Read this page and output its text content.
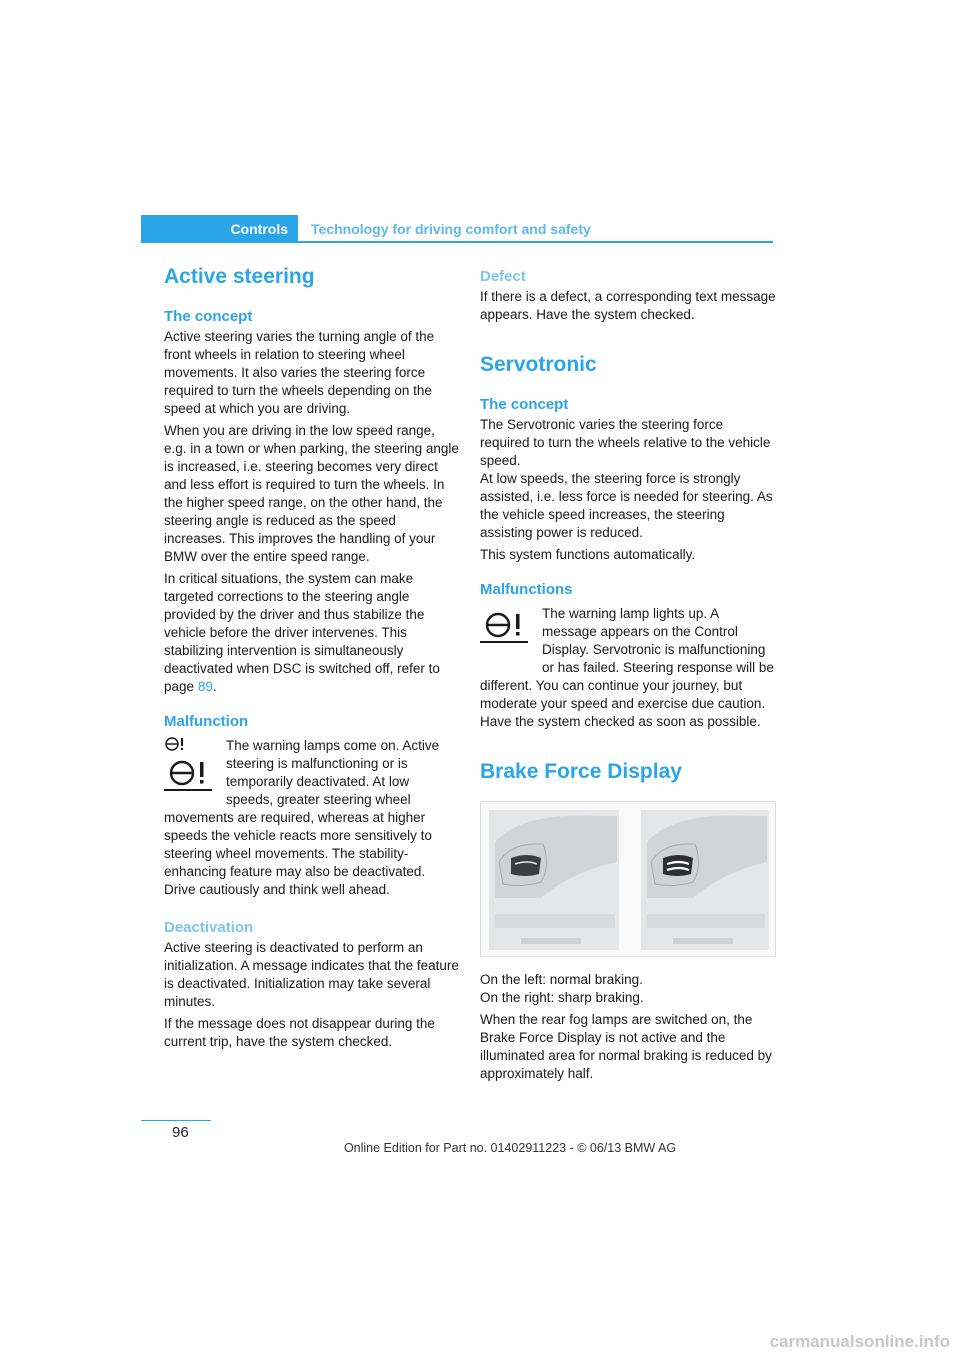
Controls Technology for driving comfort and safety
Active steering
The concept

Active steering varies the turning angle of the front wheels in relation to steering wheel movements. It also varies the steering force required to turn the wheels depending on the speed at which you are driving.

When you are driving in the low speed range, e.g. in a town or when parking, the steering angle is increased, i.e. steering becomes very direct and less effort is required to turn the wheels. In the higher speed range, on the other hand, the steering angle is reduced as the speed increases. This improves the handling of your BMW over the entire speed range.

In critical situations, the system can make targeted corrections to the steering angle provided by the driver and thus stabilize the vehicle before the driver intervenes. This stabilizing intervention is simultaneously deactivated when DSC is switched off, refer to page 89.

Malfunction

The warning lamps come on. Active steering is malfunctioning or is temporarily deactivated. At low speeds, greater steering wheel movements are required, whereas at higher speeds the vehicle reacts more sensitively to steering wheel movements. The stability-enhancing feature may also be deactivated. Drive cautiously and think well ahead.

Deactivation

Active steering is deactivated to perform an initialization. A message indicates that the feature is deactivated. Initialization may take several minutes.

If the message does not disappear during the current trip, have the system checked.

Defect

If there is a defect, a corresponding text message appears. Have the system checked.

Servotronic
The concept

The Servotronic varies the steering force required to turn the wheels relative to the vehicle speed.

At low speeds, the steering force is strongly assisted, i.e. less force is needed for steering. As the vehicle speed increases, the steering assisting power is reduced.

This system functions automatically.

Malfunctions

The warning lamp lights up. A message appears on the Control Display. Servotronic is malfunctioning or has failed. Steering response will be different. You can continue your journey, but moderate your speed and exercise due caution. Have the system checked as soon as possible.

Brake Force Display

On the left: normal braking.

On the right: sharp braking.

When the rear fog lamps are switched on, the Brake Force Display is not active and the illuminated area for normal braking is reduced by approximately half.

96
Online Edition for Part no. 01402911223 - © 06/13 BMW AG
carmanualsonline.info
